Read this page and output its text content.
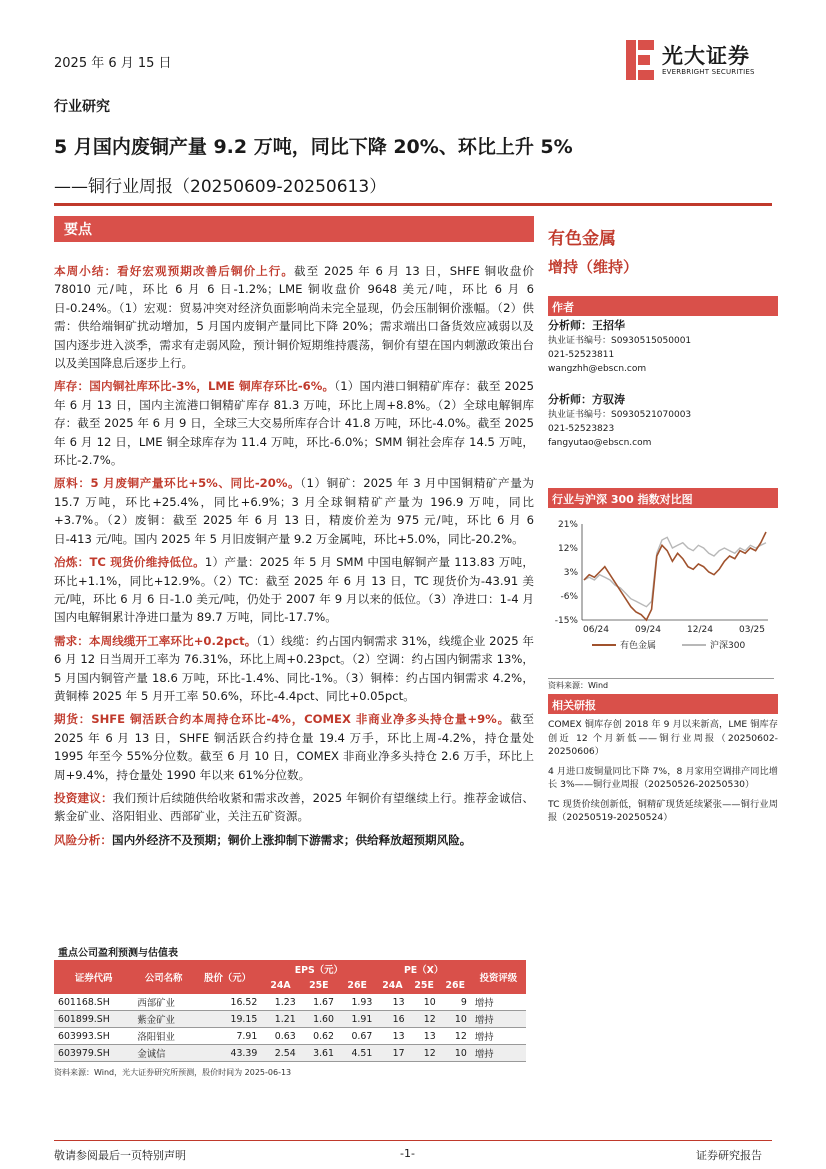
2025 年 6 月 15 日	光大证券
EVERBRIGHT SECURITIES
行业研究
5 月国内废铜产量 9.2 万吨，同比下降 20%、环比上升 5%
——铜行业周报（20250609-20250613）
要点
本周小结：看好宏观预期改善后铜价上行。截至 2025 年 6 月 13 日，SHFE 铜收盘价 78010 元/吨，环比 6 月 6 日-1.2%；LME 铜收盘价 9648 美元/吨，环比 6 月 6 日-0.24%。（1）宏观：贸易冲突对经济负面影响尚未完全显现，仍会压制铜价涨幅。（2）供需：供给端铜矿扰动增加，5 月国内废铜产量同比下降 20%；需求端出口备货效应减弱以及国内逐步进入淡季，需求有走弱风险，预计铜价短期维持震荡，铜价有望在国内刺激政策出台以及美国降息后逐步上行。
库存：国内铜社库环比-3%，LME 铜库存环比-6%。（1）国内港口铜精矿库存：截至 2025 年 6 月 13 日，国内主流港口铜精矿库存 81.3 万吨，环比上周+8.8%。（2）全球电解铜库存：截至 2025 年 6 月 9 日，全球三大交易所库存合计 41.8 万吨，环比-4.0%。截至 2025 年 6 月 12 日，LME 铜全球库存为 11.4 万吨，环比-6.0%；SMM 铜社会库存 14.5 万吨，环比-2.7%。
原料：5 月废铜产量环比+5%、同比-20%。（1）铜矿：2025 年 3 月中国铜精矿产量为 15.7 万吨，环比+25.4%，同比+6.9%；3 月全球铜精矿产量为 196.9 万吨，同比+3.7%。（2）废铜：截至 2025 年 6 月 13 日，精废价差为 975 元/吨，环比 6 月 6 日-413 元/吨。国内 2025 年 5 月旧废铜产量 9.2 万金属吨，环比+5.0%，同比-20.2%。
冶炼：TC 现货价维持低位。1）产量：2025 年 5 月 SMM 中国电解铜产量 113.83 万吨，环比+1.1%，同比+12.9%。（2）TC：截至 2025 年 6 月 13 日，TC 现货价为-43.91 美元/吨，环比 6 月 6 日-1.0 美元/吨，仍处于 2007 年 9 月以来的低位。（3）净进口：1-4 月国内电解铜累计净进口量为 89.7 万吨，同比-17.7%。
需求：本周线缆开工率环比+0.2pct。（1）线缆：约占国内铜需求 31%，线缆企业 2025 年 6 月 12 日当周开工率为 76.31%，环比上周+0.23pct。（2）空调：约占国内铜需求 13%，5 月国内铜管产量 18.6 万吨，环比-1.4%、同比-1%。（3）铜棒：约占国内铜需求 4.2%，黄铜棒 2025 年 5 月开工率 50.6%，环比-4.4pct、同比+0.05pct。
期货：SHFE 铜活跃合约本周持仓环比-4%，COMEX 非商业净多头持仓量+9%。截至 2025 年 6 月 13 日，SHFE 铜活跃合约持仓量 19.4 万手，环比上周-4.2%，持仓量处 1995 年至今 55%分位数。截至 6 月 10 日，COMEX 非商业净多头持仓 2.6 万手，环比上周+9.4%，持仓量处 1990 年以来 61%分位数。
投资建议：我们预计后续随供给收紧和需求改善，2025 年铜价有望继续上行。推荐金诚信、紫金矿业、洛阳钼业、西部矿业，关注五矿资源。
风险分析：国内外经济不及预期；铜价上涨抑制下游需求；供给释放超预期风险。
有色金属
增持（维持）
作者
分析师：王招华
执业证书编号：S0930515050001
021-52523811
wangzhh@ebscn.com
分析师：方驭涛
执业证书编号：S0930521070003
021-52523823
fangyutao@ebscn.com
行业与沪深 300 指数对比图
21%
12%
3%
-6%
-15%
06/24	09/24	12/24	03/25
有色金属	沪深300
资料来源：Wind
相关研报
COMEX 铜库存创 2018 年 9 月以来新高，LME 铜库存创近 12 个月新低——铜行业周报（20250602-20250606）
4 月进口废铜量同比下降 7%，8 月家用空调排产同比增长 3%——铜行业周报（20250526-20250530）
TC 现货价续创新低，铜精矿现货延续紧张——铜行业周报（20250519-20250524）
重点公司盈利预测与估值表
证券代码	公司名称	股价（元）	EPS（元）			PE（X）			投资评级
			24A	25E	26E	24A	25E	26E	
601168.SH	西部矿业	16.52	1.23	1.67	1.93	13	10	9	增持
601899.SH	紫金矿业	19.15	1.21	1.60	1.91	16	12	10	增持
603993.SH	洛阳钼业	7.91	0.63	0.62	0.67	13	13	12	增持
603979.SH	金诚信	43.39	2.54	3.61	4.51	17	12	10	增持
资料来源：Wind，光大证券研究所预测，股价时间为 2025-06-13
敬请参阅最后一页特别声明	-1-	证券研究报告
